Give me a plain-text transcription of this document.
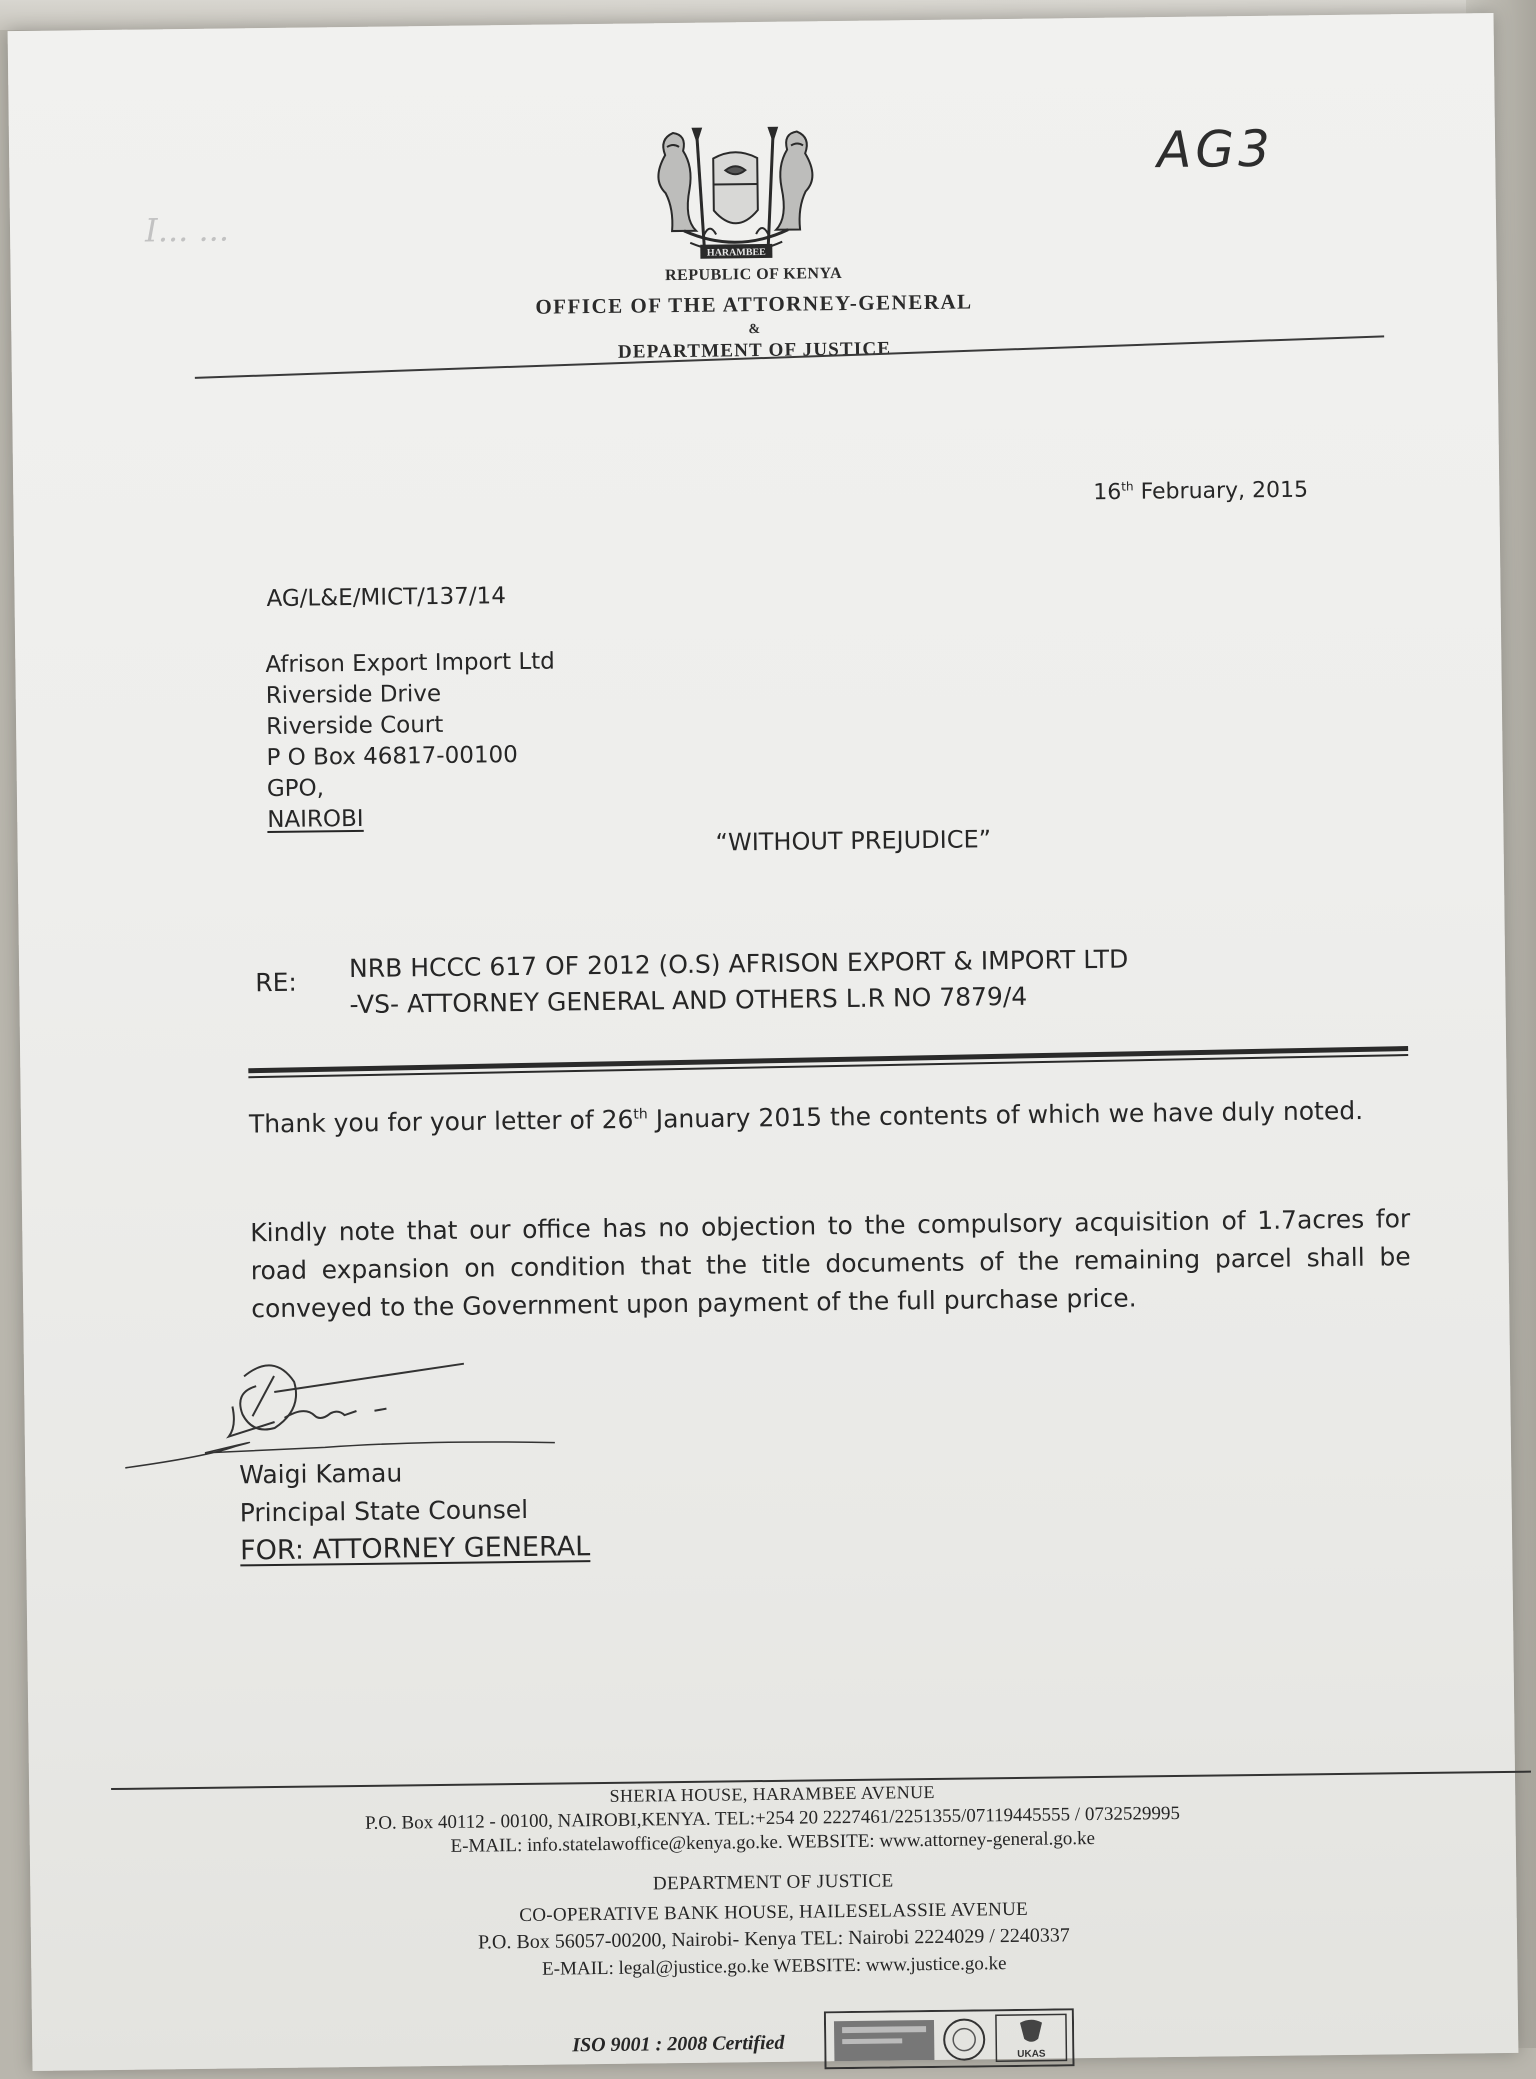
HARAMBEE
AG3
I... ...
REPUBLIC OF KENYA
OFFICE OF THE ATTORNEY-GENERAL
&
DEPARTMENT OF JUSTICE
16th February, 2015
AG/L&E/MICT/137/14
Afrison Export Import Ltd
Riverside Drive
Riverside Court
P O Box 46817-00100
GPO,
NAIROBI
“WITHOUT PREJUDICE”
RE: NRB HCCC 617 OF 2012 (O.S) AFRISON EXPORT & IMPORT LTD
-VS- ATTORNEY GENERAL AND OTHERS L.R NO 7879/4
Thank you for your letter of 26th January 2015 the contents of which we have duly noted.
Kindly note that our office has no objection to the compulsory acquisition of 1.7acres for road expansion on condition that the title documents of the remaining parcel shall be conveyed to the Government upon payment of the full purchase price.
Waigi Kamau
Principal State Counsel
FOR: ATTORNEY GENERAL
SHERIA HOUSE, HARAMBEE AVENUE
P.O. Box 40112 - 00100, NAIROBI,KENYA. TEL:+254 20 2227461/2251355/07119445555 / 0732529995
E-MAIL: info.statelawoffice@kenya.go.ke. WEBSITE: www.attorney-general.go.ke
DEPARTMENT OF JUSTICE
CO-OPERATIVE BANK HOUSE, HAILESELASSIE AVENUE
P.O. Box 56057-00200, Nairobi- Kenya TEL: Nairobi 2224029 / 2240337
E-MAIL: legal@justice.go.ke WEBSITE: www.justice.go.ke
ISO 9001 : 2008 Certified	UKAS
